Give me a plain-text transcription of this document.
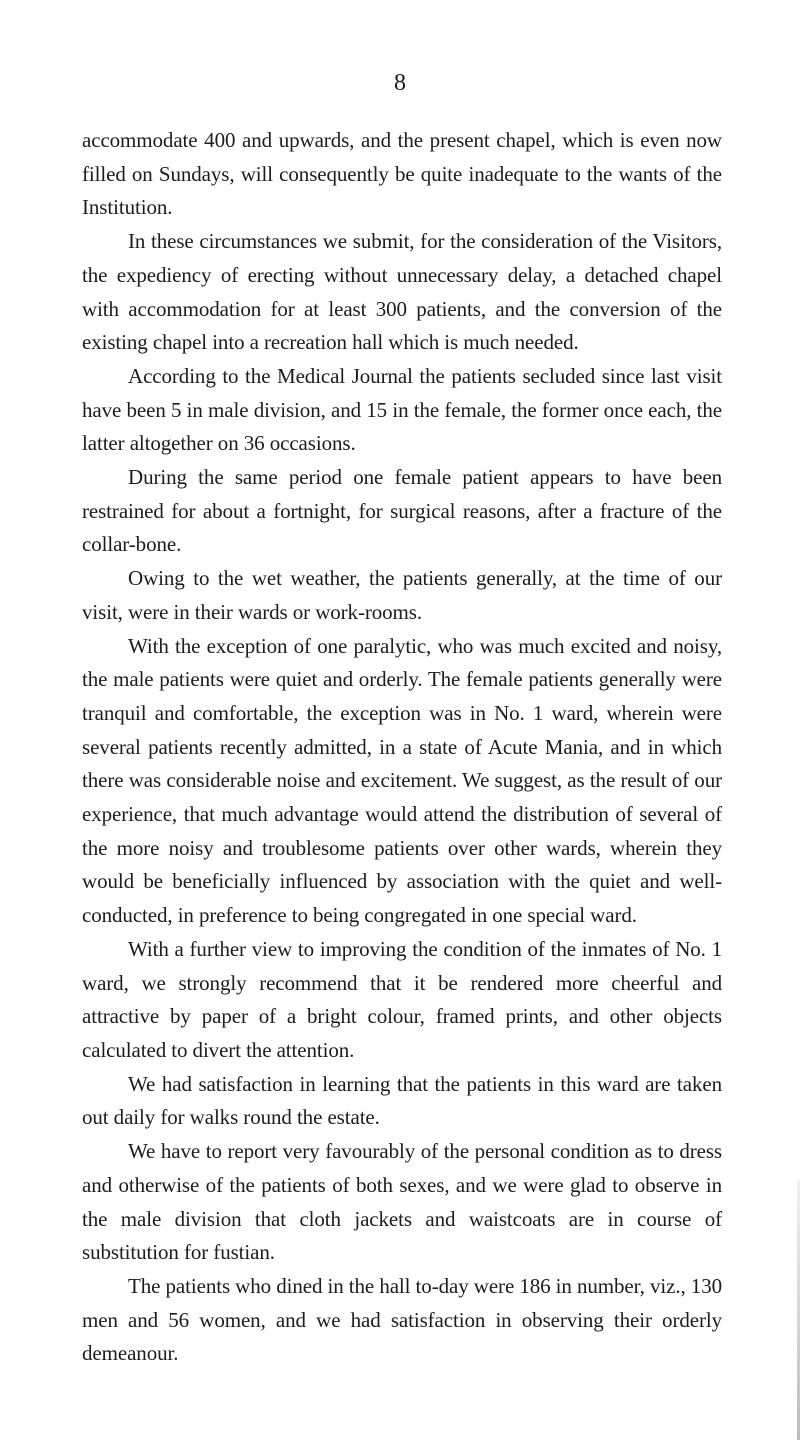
8

accommodate 400 and upwards, and the present chapel, which is even now filled on Sundays, will consequently be quite inadequate to the wants of the Institution.

In these circumstances we submit, for the consideration of the Visitors, the expediency of erecting without unnecessary delay, a detached chapel with accommodation for at least 300 patients, and the conversion of the existing chapel into a recreation hall which is much needed.

According to the Medical Journal the patients secluded since last visit have been 5 in male division, and 15 in the female, the former once each, the latter altogether on 36 occasions.

During the same period one female patient appears to have been restrained for about a fortnight, for surgical reasons, after a fracture of the collar-bone.

Owing to the wet weather, the patients generally, at the time of our visit, were in their wards or work-rooms.

With the exception of one paralytic, who was much excited and noisy, the male patients were quiet and orderly. The female patients generally were tranquil and comfortable, the exception was in No. 1 ward, wherein were several patients recently admitted, in a state of Acute Mania, and in which there was considerable noise and excitement. We suggest, as the result of our experience, that much advantage would attend the distribution of several of the more noisy and troublesome patients over other wards, wherein they would be beneficially influenced by association with the quiet and well-conducted, in preference to being congregated in one special ward.

With a further view to improving the condition of the inmates of No. 1 ward, we strongly recommend that it be rendered more cheerful and attractive by paper of a bright colour, framed prints, and other objects calculated to divert the attention.

We had satisfaction in learning that the patients in this ward are taken out daily for walks round the estate.

We have to report very favourably of the personal condition as to dress and otherwise of the patients of both sexes, and we were glad to observe in the male division that cloth jackets and waistcoats are in course of substitution for fustian.

The patients who dined in the hall to-day were 186 in number, viz., 130 men and 56 women, and we had satisfaction in observing their orderly demeanour.
